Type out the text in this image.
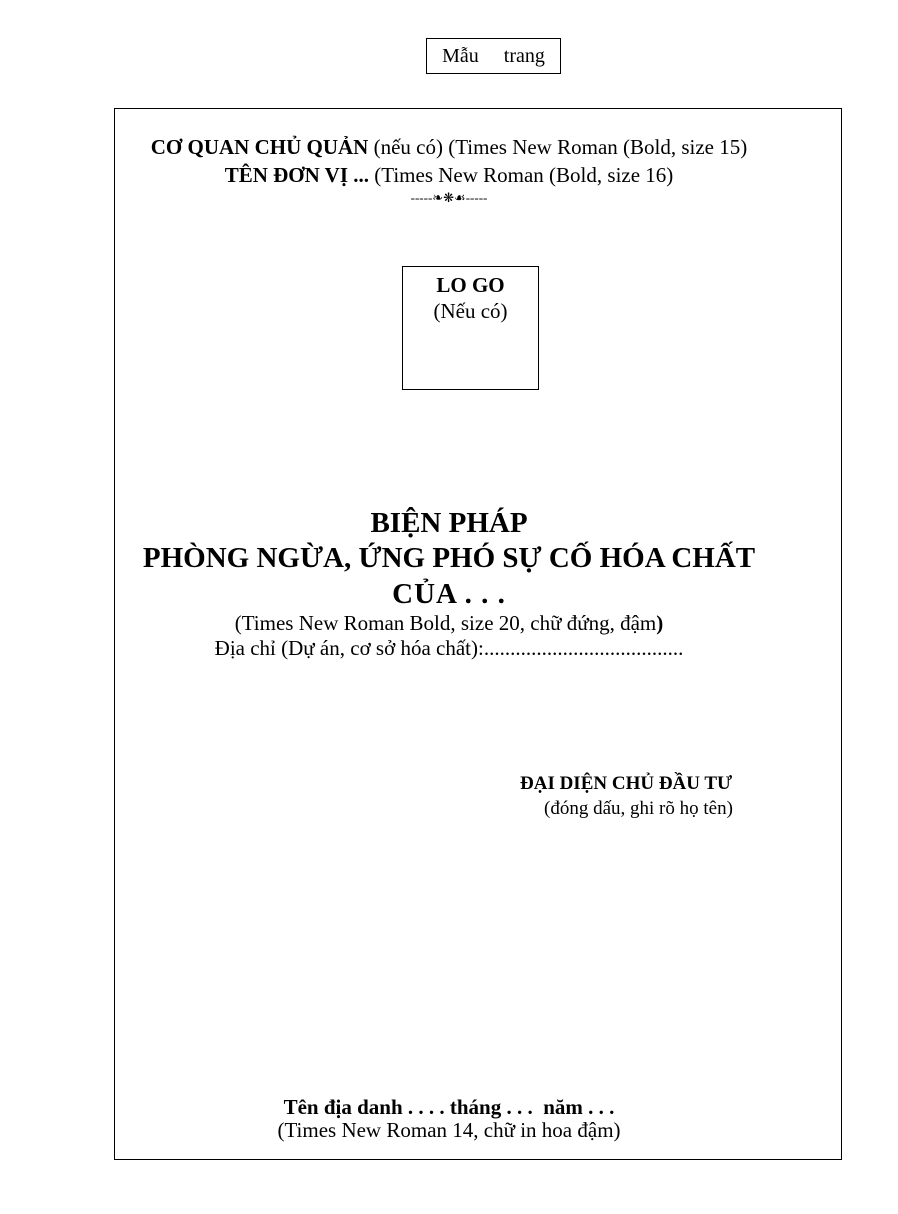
Mẫu     trang
CƠ QUAN CHỦ QUẢN (nếu có) (Times New Roman (Bold, size 15)
TÊN ĐƠN VỊ ... (Times New Roman (Bold, size 16)
-----❧❋☙-----
LO GO
(Nếu có)
BIỆN PHÁP
PHÒNG NGỪA, ỨNG PHÓ SỰ CỐ HÓA CHẤT
CỦA . . .
(Times New Roman Bold, size 20, chữ đứng, đậm)
Địa chỉ (Dự án, cơ sở hóa chất):......................................
ĐẠI DIỆN CHỦ ĐẦU TƯ
(đóng dấu, ghi rõ họ tên)
Tên địa danh . . . . tháng . . .  năm . . .
(Times New Roman 14, chữ in hoa đậm)
